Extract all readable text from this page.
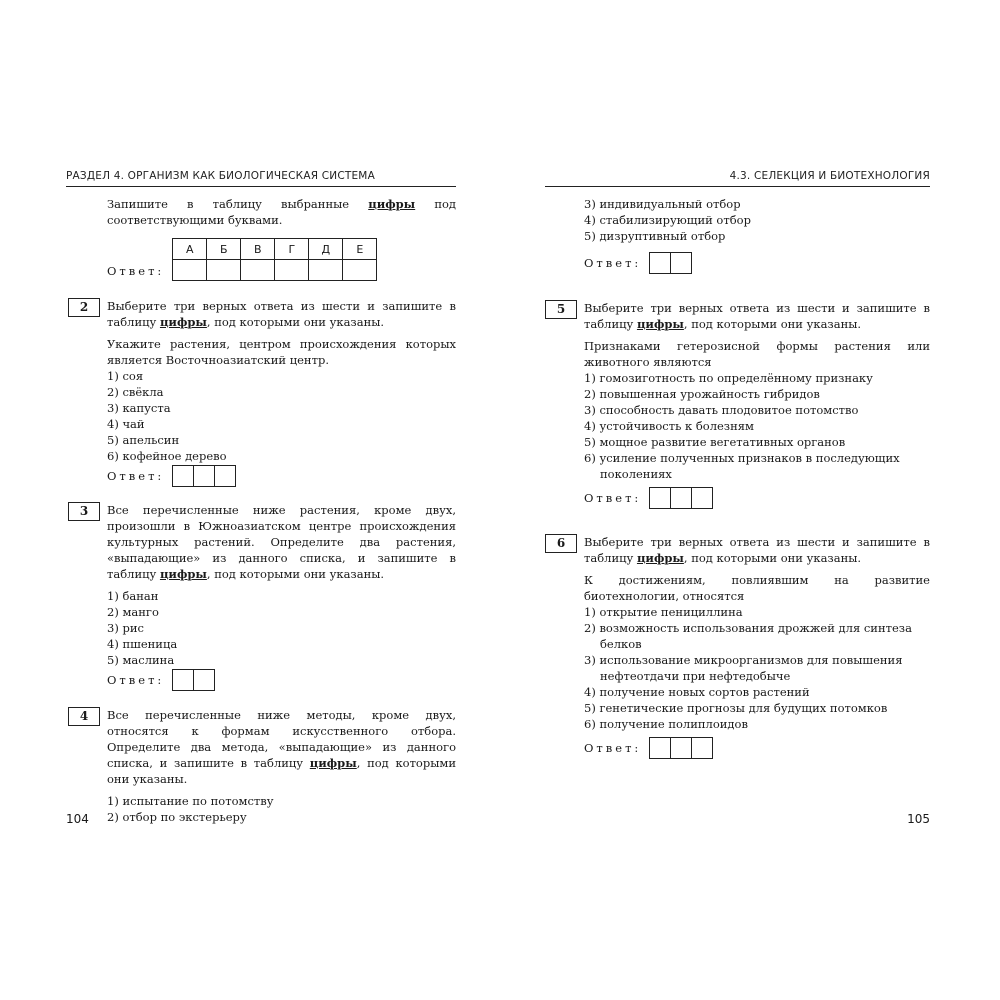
РАЗДЕЛ 4. ОРГАНИЗМ КАК БИОЛОГИЧЕСКАЯ СИСТЕМА

Запишите в таблицу выбранные цифры под соответствующими буквами.

Ответ:
А	Б	В	Г	Д	Е

2	Выберите три верных ответа из шести и запишите в таблицу цифры, под которыми они указаны.

Укажите растения, центром происхождения которых является Восточноазиатский центр.

1) соя
2) свёкла
3) капуста
4) чай
5) апельсин
6) кофейное дерево
Ответ:
3	Все перечисленные ниже растения, кроме двух, произошли в Южноазиатском центре происхождения культурных растений. Определите два растения, «выпадающие» из данного списка, и запишите в таблицу цифры, под которыми они указаны.

1) банан
2) манго
3) рис
4) пшеница
5) маслина
Ответ:
4	Все перечисленные ниже методы, кроме двух, относятся к формам искусственного отбора. Определите два метода, «выпадающие» из данного списка, и запишите в таблицу цифры, под которыми они указаны.

1) испытание по потомству
2) отбор по экстерьеру
104
4.3. СЕЛЕКЦИЯ И БИОТЕХНОЛОГИЯ
3) индивидуальный отбор
4) стабилизирующий отбор
5) дизруптивный отбор
Ответ:
5	Выберите три верных ответа из шести и запишите в таблицу цифры, под которыми они указаны.

Признаками гетерозисной формы растения или животного являются

1) гомозиготность по определённому признаку
2) повышенная урожайность гибридов
3) способность давать плодовитое потомство
4) устойчивость к болезням
5) мощное развитие вегетативных органов
6) усиление полученных признаков в последующих поколениях
Ответ:
6	Выберите три верных ответа из шести и запишите в таблицу цифры, под которыми они указаны.

К достижениям, повлиявшим на развитие биотехнологии, относятся

1) открытие пенициллина
2) возможность использования дрожжей для синтеза белков
3) использование микроорганизмов для повышения нефтеотдачи при нефтедобыче
4) получение новых сортов растений
5) генетические прогнозы для будущих потомков
6) получение полиплоидов
Ответ:
105
